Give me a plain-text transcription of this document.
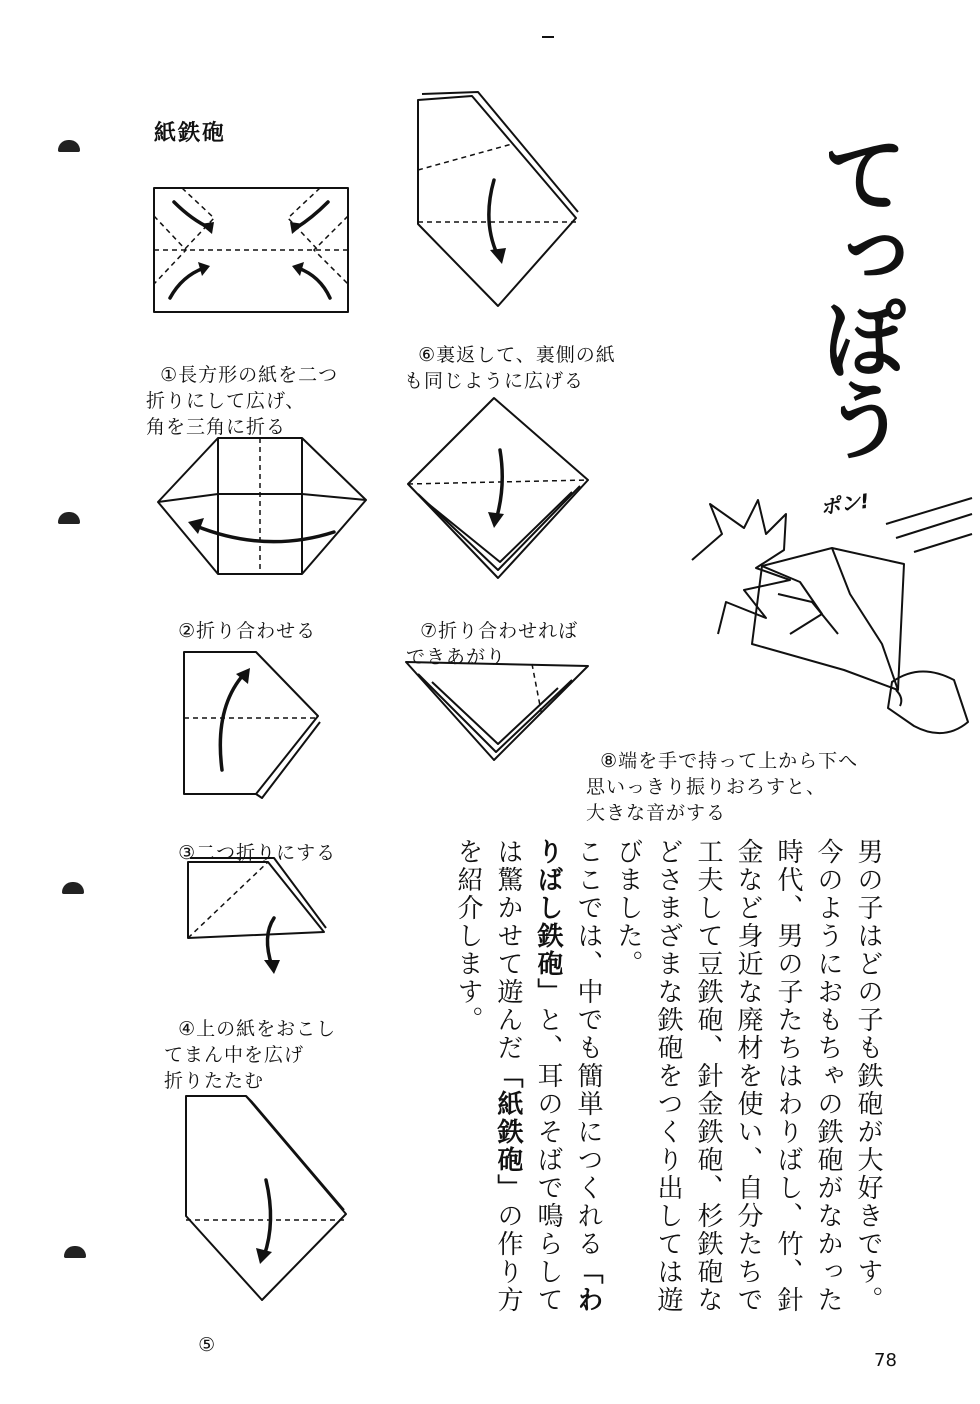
紙鉄砲

①長方形の紙を二つ
折りにして広げ、
角を三角に折る

②折り合わせる

③二つ折りにする

④上の紙をおこし
てまん中を広げ
折りたたむ

⑤

⑥裏返して、裏側の紙
も同じように広げる

⑦折り合わせれば
できあがり

⑧端を手で持って上から下へ
思いっきり振りおろすと、
大きな音がする

てっぽう
ポン!

男の子はどの子も鉄砲が大好きです。今のようにおもちゃの鉄砲がなかった時代、男の子たちはわりばし、竹、針金など身近な廃材を使い、自分たちで工夫して豆鉄砲、針金鉄砲、杉鉄砲などさまざまな鉄砲をつくり出しては遊びました。

ここでは、中でも簡単につくれる「わりばし鉄砲」と、耳のそばで鳴らしては驚かせて遊んだ「紙鉄砲」の作り方を紹介します。

78
